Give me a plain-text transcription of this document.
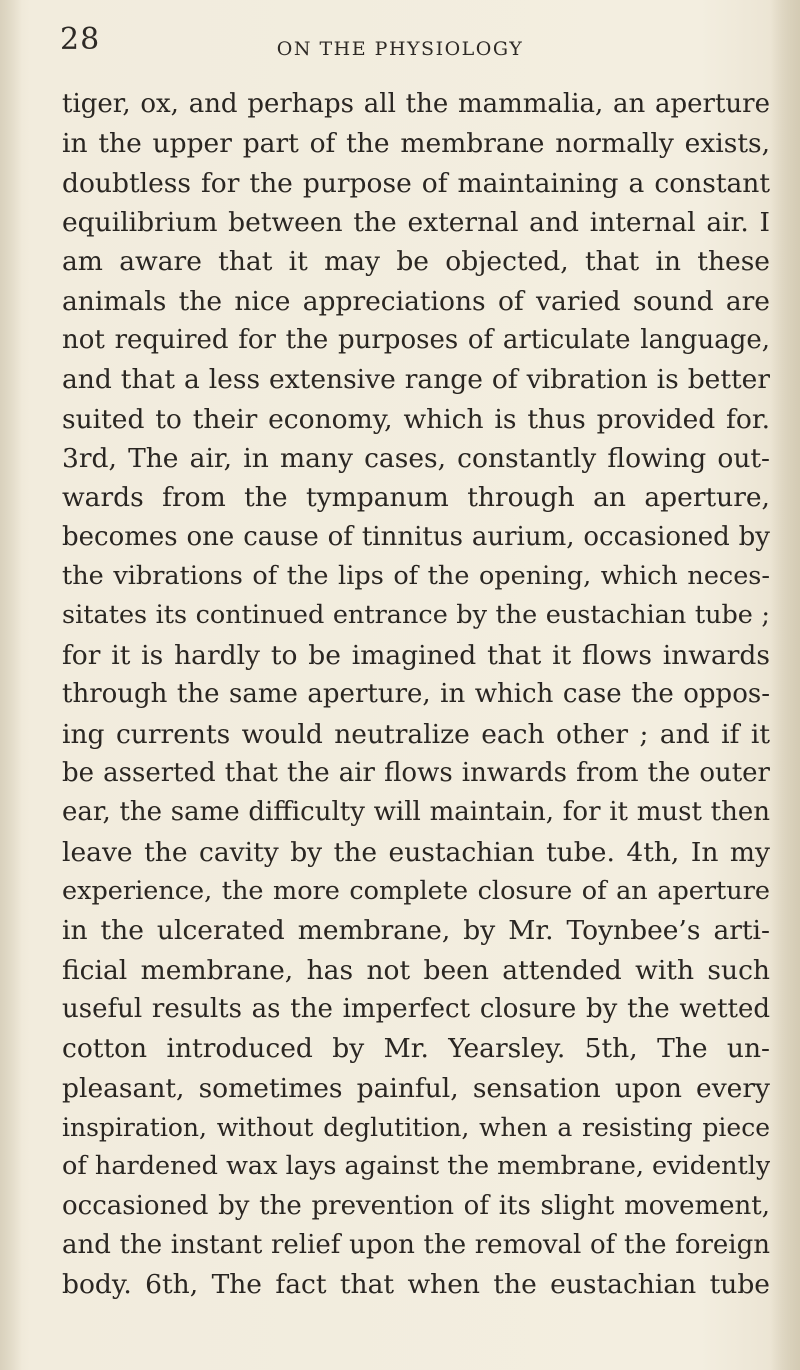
28	ON THE PHYSIOLOGY
tiger, ox, and perhaps all the mammalia, an aperture
in the upper part of the membrane normally exists,
doubtless for the purpose of maintaining a constant
equilibrium between the external and internal air. I
am aware that it may be objected, that in these
animals the nice appreciations of varied sound are
not required for the purposes of articulate language,
and that a less extensive range of vibration is better
suited to their economy, which is thus provided for.
3rd, The air, in many cases, constantly flowing out-
wards from the tympanum through an aperture,
becomes one cause of tinnitus aurium, occasioned by
the vibrations of the lips of the opening, which neces-
sitates its continued entrance by the eustachian tube ;
for it is hardly to be imagined that it flows inwards
through the same aperture, in which case the oppos-
ing currents would neutralize each other ; and if it
be asserted that the air flows inwards from the outer
ear, the same difficulty will maintain, for it must then
leave the cavity by the eustachian tube. 4th, In my
experience, the more complete closure of an aperture
in the ulcerated membrane, by Mr. Toynbee’s arti-
ficial membrane, has not been attended with such
useful results as the imperfect closure by the wetted
cotton introduced by Mr. Yearsley. 5th, The un-
pleasant, sometimes painful, sensation upon every
inspiration, without deglutition, when a resisting piece
of hardened wax lays against the membrane, evidently
occasioned by the prevention of its slight movement,
and the instant relief upon the removal of the foreign
body. 6th, The fact that when the eustachian tube
